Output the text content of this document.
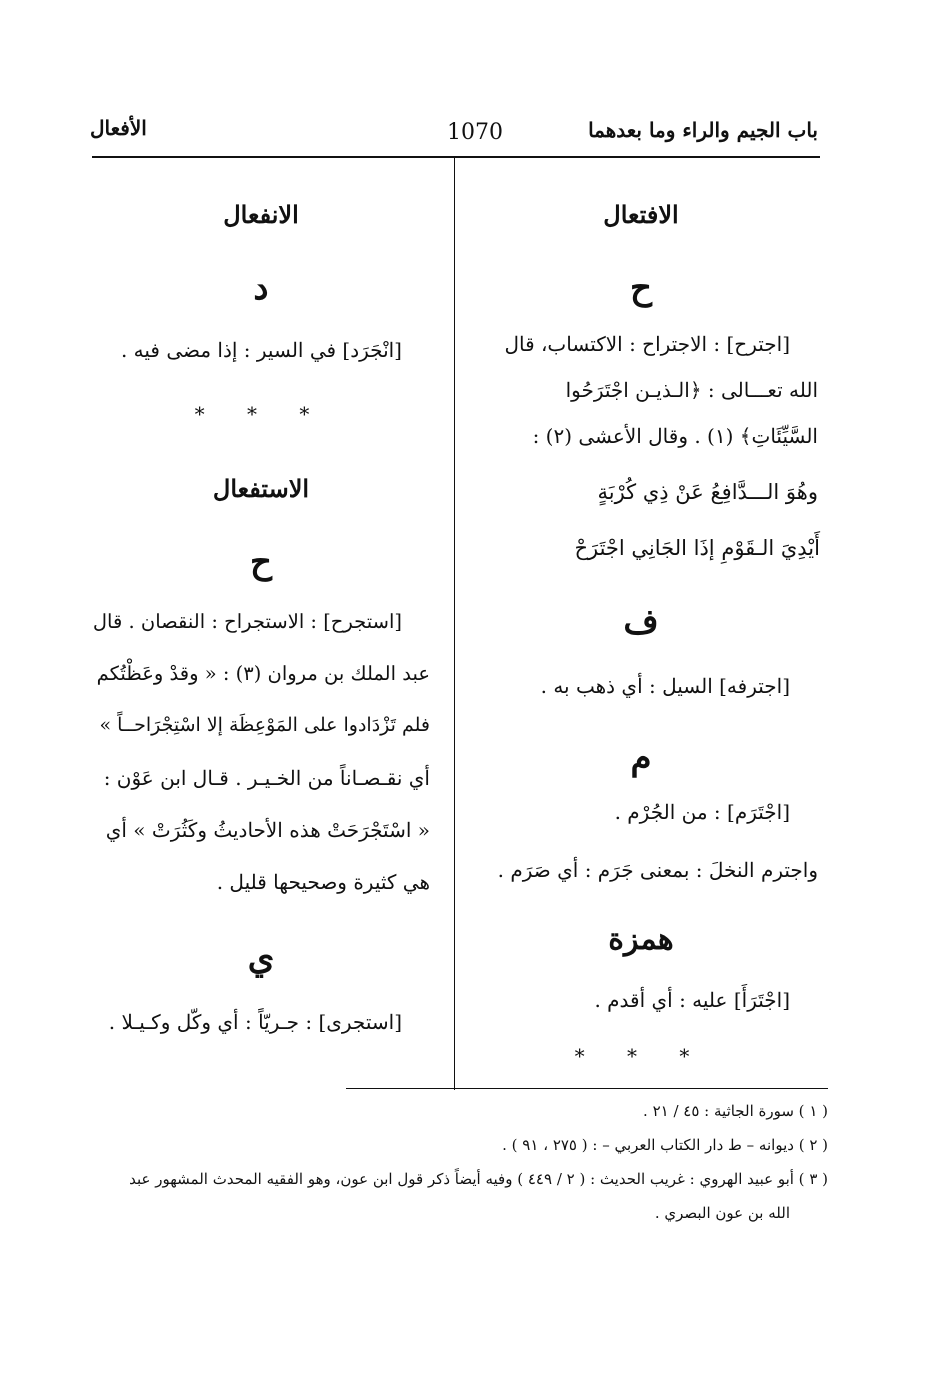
باب الجيم والراء وما بعدهما
1070
الأفعال
الافتعال
ح
[اجترح] : الاجتراح : الاكتساب، قال
الله تعـــالى : ﴿الـذيـن اجْتَرَحُوا
السَّيِّئَاتِ﴾ (١) . وقال الأعشى (٢) :
وهُوَ الـــدَّافِعُ عَنْ ذِي كُرْبَةٍ
أَيْدِيَ الـقَوْمِ إذَا الجَانِي اجْتَرَحْ
ف
[اجترفه] السيل : أي ذهب به .
م
[اجْتَرَم] : من الجُرْم .
واجترم النخلَ : بمعنى جَرَم : أي صَرَم .
همزة
[اجْتَرَأَ] عليه : أي أقدم .
* * *
الانفعال
د
[انْجَرَد] في السير : إذا مضى فيه .
* * *
الاستفعال
ح
[استجرح] : الاستجراح : النقصان . قال
عبد الملك بن مروان (٣) : « وقدْ وعَظْتُكم
فلم تَزْدَادوا على المَوْعِظَة إلا اسْتِجْرَاحــاً »
أي نقـصـاناً من الخـيـر . قـال ابن عَوْن :
« اسْتَجْرَحَتْ هذه الأحاديثُ وكَثُرَتْ » أي
هي كثيرة وصحيحها قليل .
ي
[استجرى] : جـريّاً : أي وكّل وكـيـلا .
( ١ ) سورة الجاثية : ٤٥ / ٢١ .
( ٢ ) ديوانه – ط دار الكتاب العربي – : ( ٢٧٥ ، ٩١ ) .
( ٣ ) أبو عبيد الهروي : غريب الحديث : ( ٢ / ٤٤٩ ) وفيه أيضاً ذكر قول ابن عون، وهو الفقيه المحدث المشهور عبد
الله بن عون البصري .
